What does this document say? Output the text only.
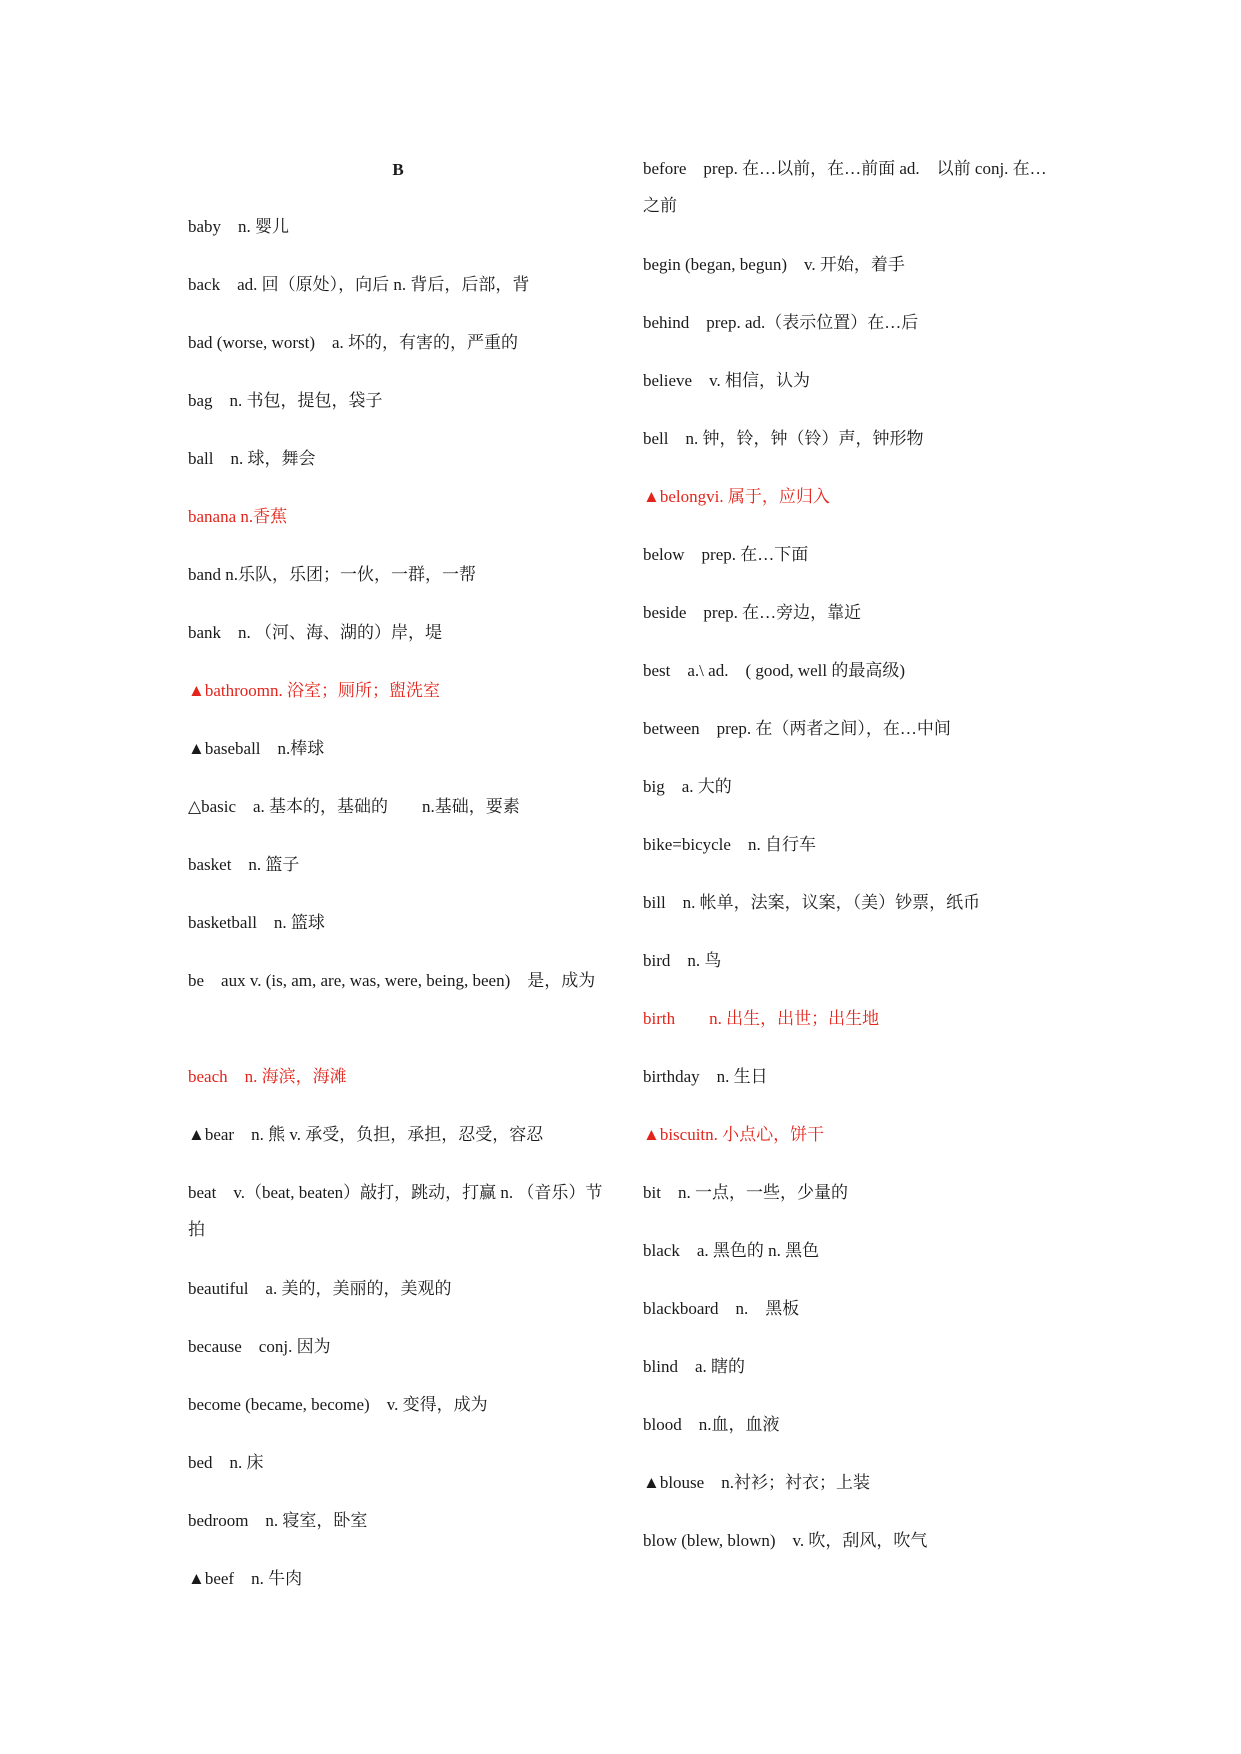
B
baby　n. 婴儿
back　ad. 回（原处），向后 n. 背后，后部，背
bad (worse, worst)　a. 坏的，有害的，严重的
bag　n. 书包，提包，袋子
ball　n. 球，舞会
banana n.香蕉
band n.乐队，乐团；一伙，一群，一帮
bank　n. （河、海、湖的）岸，堤
▲bathroomn. 浴室；厕所；盥洗室
▲baseball　n.棒球
△basic　a. 基本的，基础的　　n.基础，要素
basket　n. 篮子
basketball　n. 篮球
be　aux v. (is, am, are, was, were, being, been)　是，成为
beach　n. 海滨，海滩
▲bear　n. 熊 v. 承受，负担，承担，忍受，容忍
beat　v.（beat, beaten）敲打，跳动，打赢 n. （音乐）节拍
beautiful　a. 美的，美丽的，美观的
because　conj. 因为
become (became, become)　v. 变得，成为
bed　n. 床
bedroom　n. 寝室，卧室
▲beef　n. 牛肉
before　prep. 在…以前，在…前面 ad.　以前 conj. 在…之前
begin (began, begun)　v. 开始，着手
behind　prep. ad.（表示位置）在…后
believe　v. 相信，认为
bell　n. 钟，铃，钟（铃）声，钟形物
▲belongvi. 属于，应归入
below　prep. 在…下面
beside　prep. 在…旁边，靠近
best　a.\ ad.　( good, well 的最高级)
between　prep. 在（两者之间），在…中间
big　a. 大的
bike=bicycle　n. 自行车
bill　n. 帐单，法案，议案，（美）钞票，纸币
bird　n. 鸟
birth　　n. 出生，出世；出生地
birthday　n. 生日
▲biscuitn. 小点心，饼干
bit　n. 一点，一些，少量的
black　a. 黑色的 n. 黑色
blackboard　n.　黑板
blind　a. 瞎的
blood　n.血，血液
▲blouse　n.衬衫；衬衣；上装
blow (blew, blown)　v. 吹，刮风，吹气
